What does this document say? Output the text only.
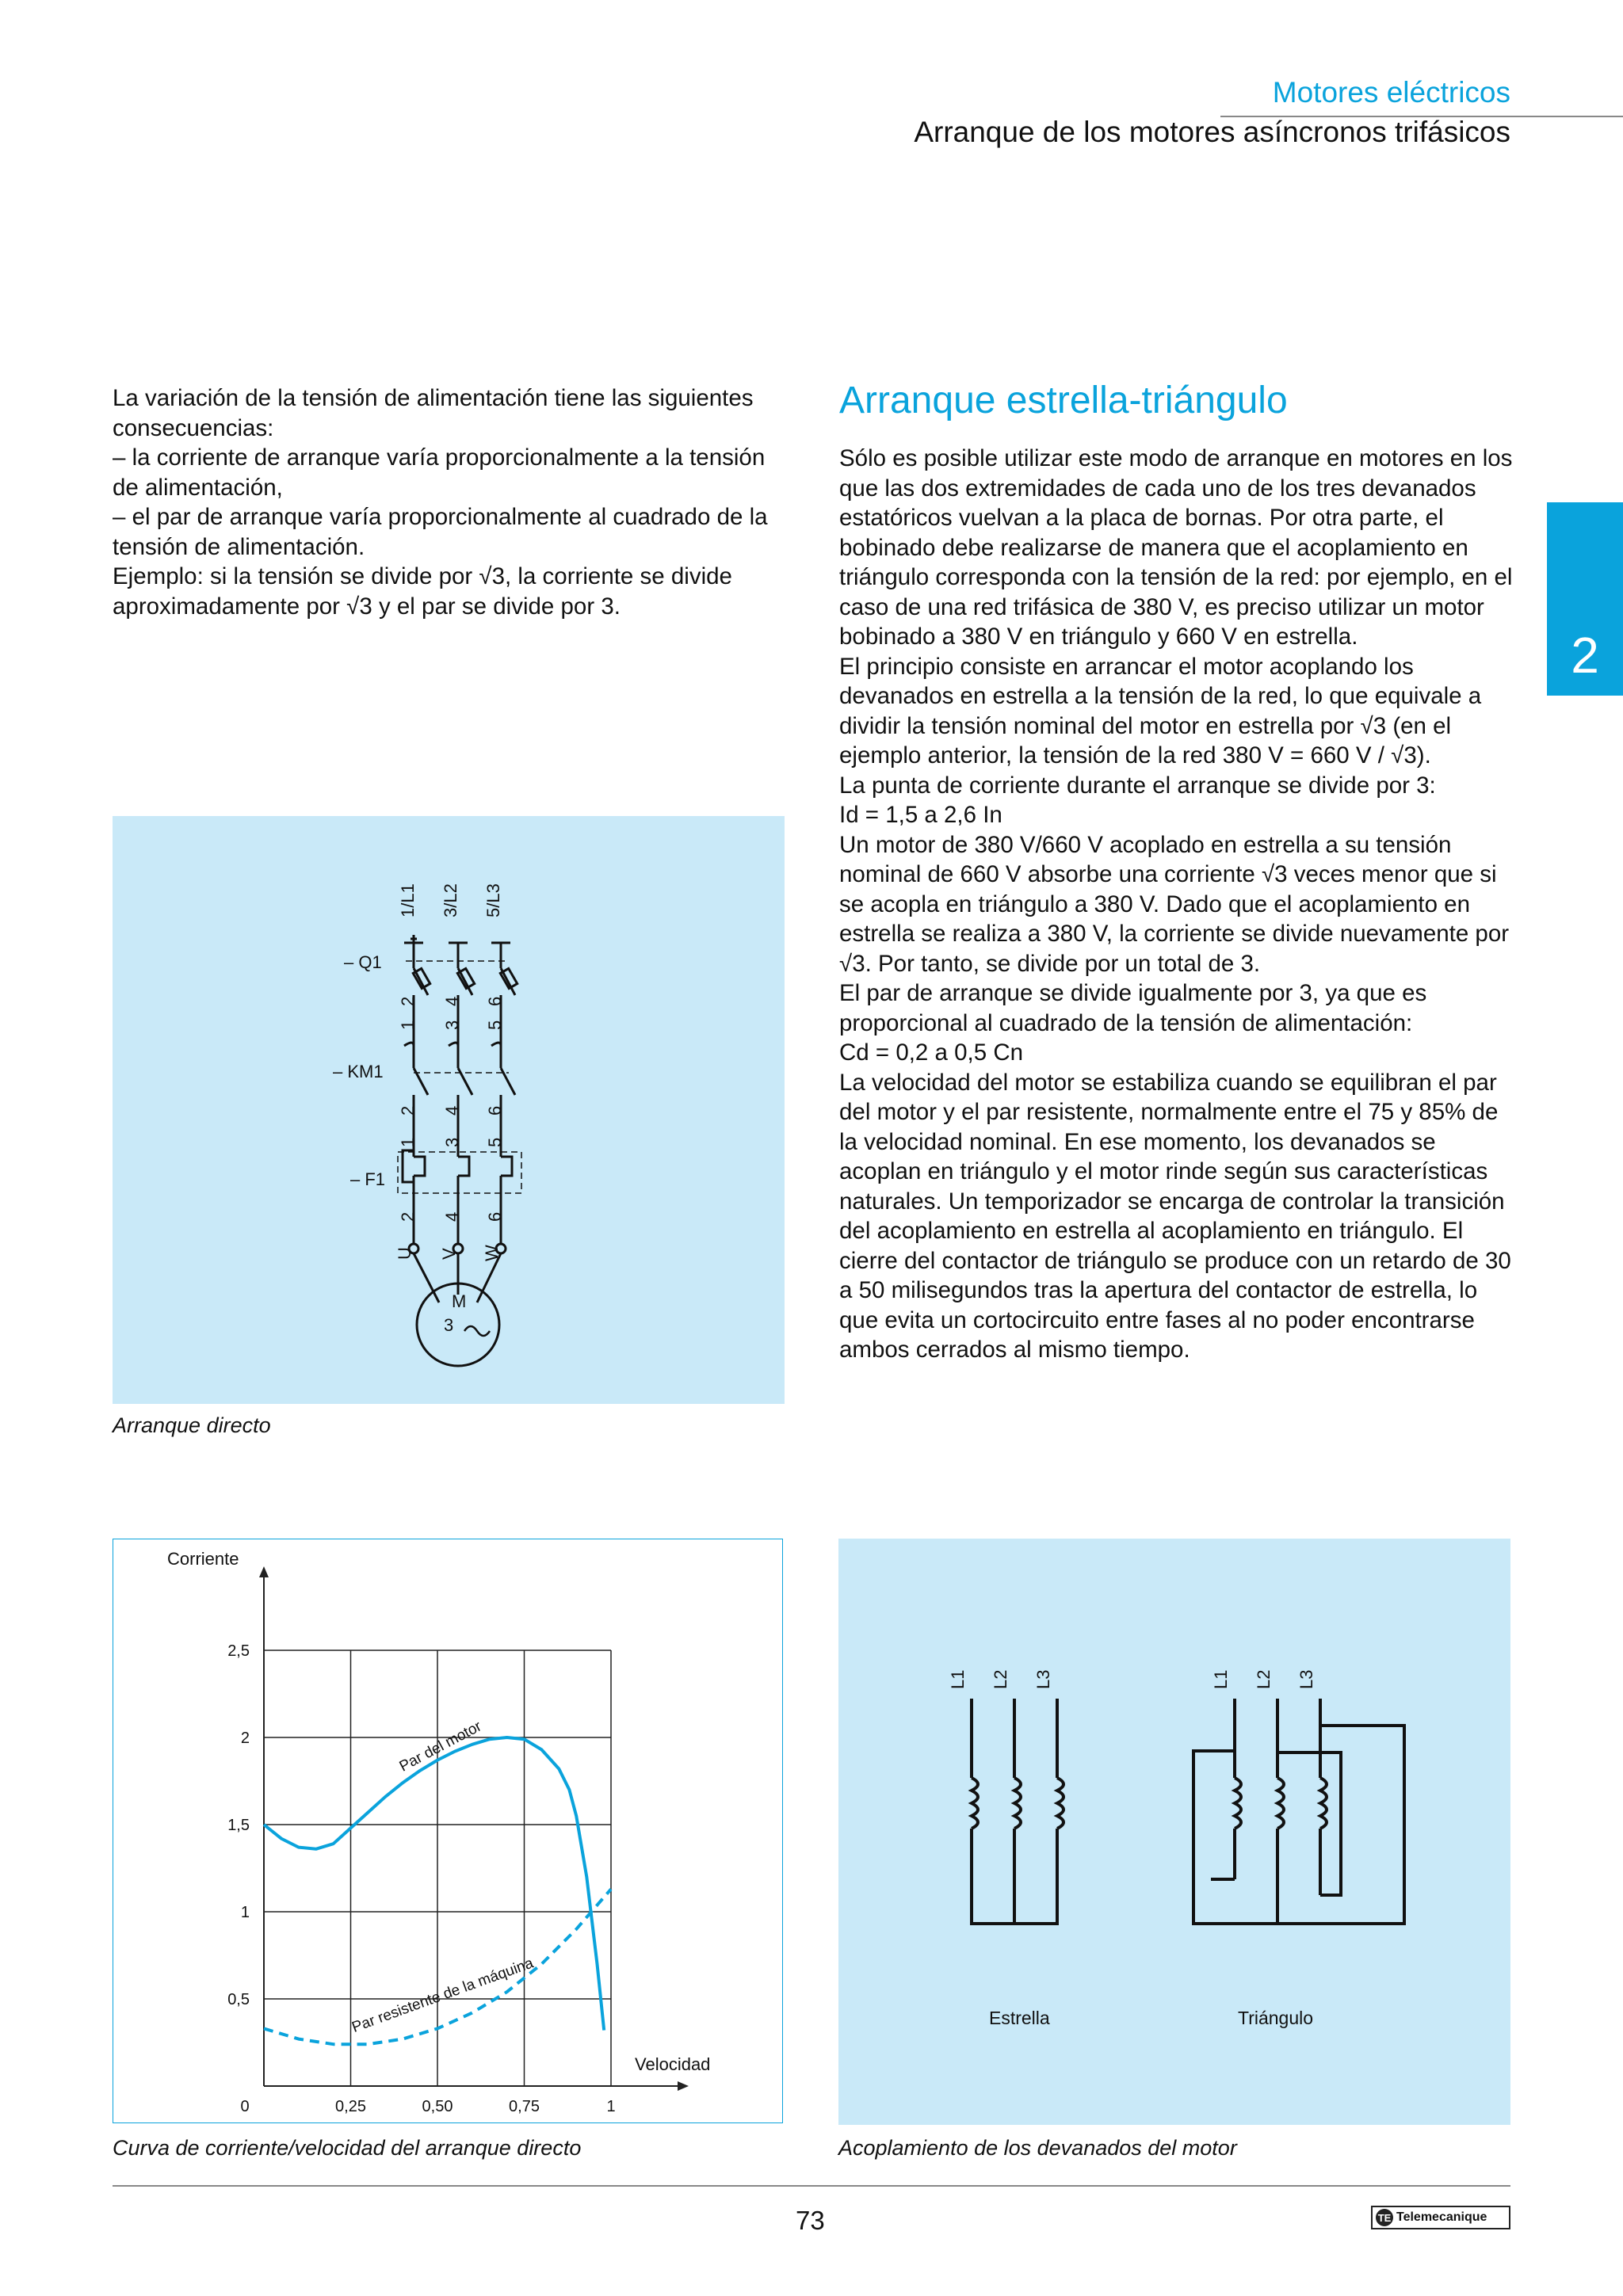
Motores eléctricos
Arranque de los motores asíncronos trifásicos
2

La variación de la tensión de alimentación tiene las siguientes consecuencias:

– la corriente de arranque varía proporcionalmente a la tensión de alimentación,

– el par de arranque varía proporcionalmente al cuadrado de la tensión de alimentación.

Ejemplo: si la tensión se divide por √3, la corriente se divide aproximadamente por √3 y el par se divide por 3.

Arranque estrella-triángulo

Sólo es posible utilizar este modo de arranque en motores en los que las dos extremidades de cada uno de los tres devanados estatóricos vuelvan a la placa de bornas. Por otra parte, el bobinado debe realizarse de manera que el acoplamiento en triángulo corresponda con la tensión de la red: por ejemplo, en el caso de una red trifásica de 380 V, es preciso utilizar un motor bobinado a 380 V en triángulo y 660 V en estrella.

El principio consiste en arrancar el motor acoplando los devanados en estrella a la tensión de la red, lo que equivale a dividir la tensión nominal del motor en estrella por √3 (en el ejemplo anterior, la tensión de la red 380 V = 660 V / √3).

La punta de corriente durante el arranque se divide por 3:

Id = 1,5 a 2,6 In

Un motor de 380 V/660 V acoplado en estrella a su tensión nominal de 660 V absorbe una corriente √3 veces menor que si se acopla en triángulo a 380 V. Dado que el acoplamiento en estrella se realiza a 380 V, la corriente se divide nuevamente por √3. Por tanto, se divide por un total de 3.

El par de arranque se divide igualmente por 3, ya que es proporcional al cuadrado de la tensión de alimentación:

Cd = 0,2 a 0,5 Cn

La velocidad del motor se estabiliza cuando se equilibran el par del motor y el par resistente, normalmente entre el 75 y 85% de la velocidad nominal. En ese momento, los devanados se acoplan en triángulo y el motor rinde según sus características naturales. Un temporizador se encarga de controlar la transición del acoplamiento en estrella al acoplamiento en triángulo. El cierre del contactor de triángulo se produce con un retardo de 30 a 50 milisegundos tras la apertura del contactor de estrella, lo que evita un cortocircuito entre fases al no poder encontrarse ambos cerrados al mismo tiempo.

1/L1 3/L2 5/L3
– Q1
– KM1
– F1
1
2
3
4
5
6
2 4 6
1 3 5
2 4 6
U V W
M
3
Arranque directo
0	0,25	0,50	0,75	1
0,5
1
1,5
2
2,5
Par del motor
Par resistente de la máquina
Corriente
Velocidad
Curva de corriente/velocidad del arranque directo
L1 L2 L3	L1 L2 L3
Estrella	Triángulo
Acoplamiento de los devanados del motor
73	TE Telemecanique
